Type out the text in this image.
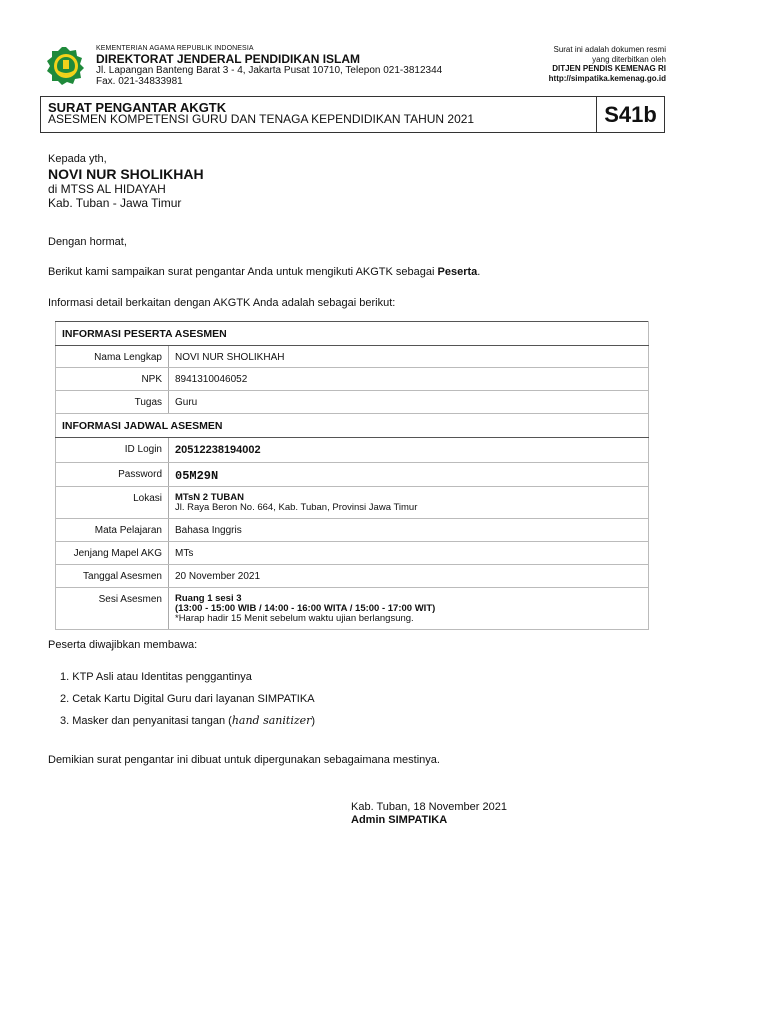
KEMENTERIAN AGAMA REPUBLIK INDONESIA
DIREKTORAT JENDERAL PENDIDIKAN ISLAM
Jl. Lapangan Banteng Barat 3 - 4, Jakarta Pusat 10710, Telepon 021-3812344
Fax. 021-34833981
Surat ini adalah dokumen resmi
yang diterbitkan oleh
DITJEN PENDIS KEMENAG RI
http://simpatika.kemenag.go.id
SURAT PENGANTAR AKGTK
ASESMEN KOMPETENSI GURU DAN TENAGA KEPENDIDIKAN TAHUN 2021	S41b
Kepada yth,
NOVI NUR SHOLIKHAH
di MTSS AL HIDAYAH
Kab. Tuban - Jawa Timur
Dengan hormat,
Berikut kami sampaikan surat pengantar Anda untuk mengikuti AKGTK sebagai Peserta.
Informasi detail berkaitan dengan AKGTK Anda adalah sebagai berikut:
INFORMASI PESERTA ASESMEN	
Nama Lengkap	NOVI NUR SHOLIKHAH
NPK	8941310046052
Tugas	Guru
INFORMASI JADWAL ASESMEN	
ID Login	20512238194002
Password	05M29N
Lokasi	MTsN 2 TUBAN
Jl. Raya Beron No. 664, Kab. Tuban, Provinsi Jawa Timur

Mata Pelajaran	Bahasa Inggris
Jenjang Mapel AKG	MTs
Tanggal Asesmen	20 November 2021
Sesi Asesmen	Ruang 1 sesi 3
(13:00 - 15:00 WIB / 14:00 - 16:00 WITA / 15:00 - 17:00 WIT)
*Harap hadir 15 Menit sebelum waktu ujian berlangsung.
Peserta diwajibkan membawa:
1. KTP Asli atau Identitas penggantinya
2. Cetak Kartu Digital Guru dari layanan SIMPATIKA
3. Masker dan penyanitasi tangan (hand sanitizer)
Demikian surat pengantar ini dibuat untuk dipergunakan sebagaimana mestinya.
Kab. Tuban, 18 November 2021
Admin SIMPATIKA
